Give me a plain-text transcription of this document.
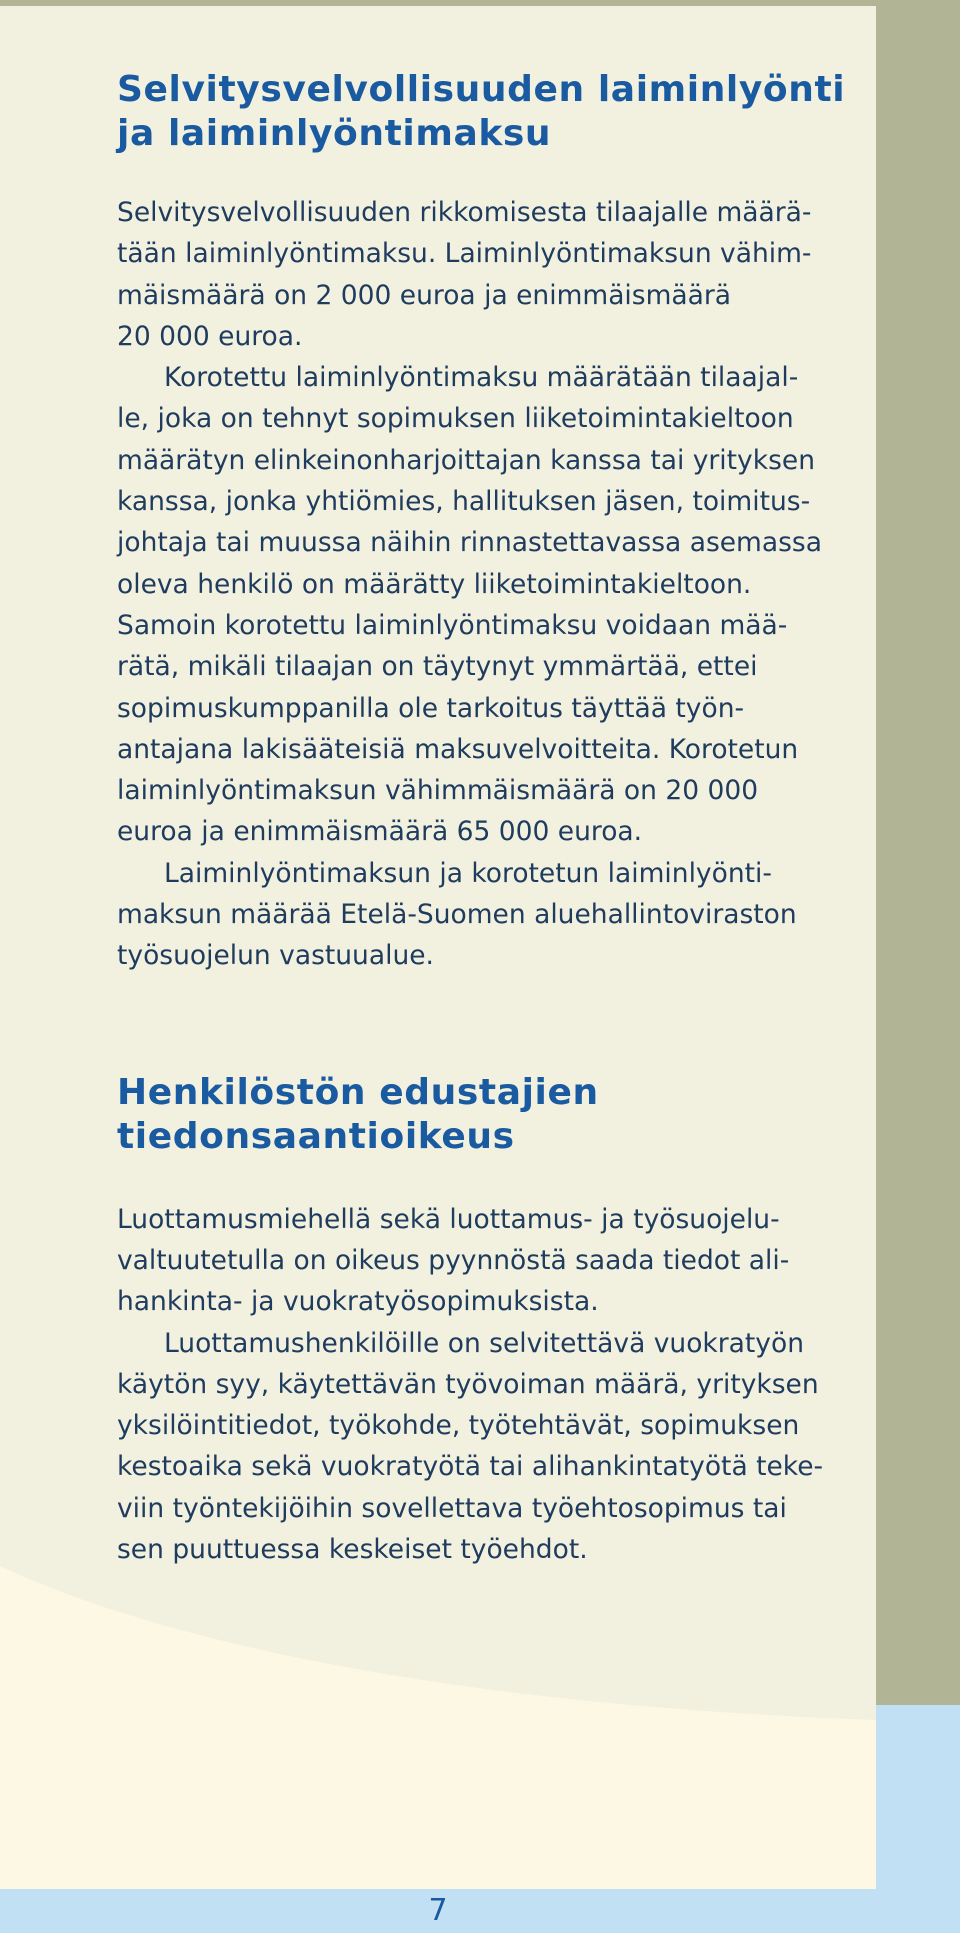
Selvitysvelvollisuuden laiminlyönti
ja laiminlyöntimaksu

Selvitysvelvollisuuden rikkomisesta tilaajalle määrä-

tään laiminlyöntimaksu. Laiminlyöntimaksun vähim-

mäismäärä on 2 000 euroa ja enimmäismäärä

20 000 euroa.

Korotettu laiminlyöntimaksu määrätään tilaajal-

le, joka on tehnyt sopimuksen liiketoimintakieltoon

määrätyn elinkeinonharjoittajan kanssa tai yrityksen

kanssa, jonka yhtiömies, hallituksen jäsen, toimitus-

johtaja tai muussa näihin rinnastettavassa asemassa

oleva henkilö on määrätty liiketoimintakieltoon.

Samoin korotettu laiminlyöntimaksu voidaan mää-

rätä, mikäli tilaajan on täytynyt ymmärtää, ettei

sopimuskumppanilla ole tarkoitus täyttää työn-

antajana lakisääteisiä maksuvelvoitteita. Korotetun

laiminlyöntimaksun vähimmäismäärä on 20 000

euroa ja enimmäismäärä 65 000 euroa.

Laiminlyöntimaksun ja korotetun laiminlyönti-

maksun määrää Etelä-Suomen aluehallintoviraston

työsuojelun vastuualue.

Henkilöstön edustajien
tiedonsaantioikeus

Luottamusmiehellä sekä luottamus- ja työsuojelu-

valtuutetulla on oikeus pyynnöstä saada tiedot ali-

hankinta- ja vuokratyösopimuksista.

Luottamushenkilöille on selvitettävä vuokratyön

käytön syy, käytettävän työvoiman määrä, yrityksen

yksilöintitiedot, työkohde, työtehtävät, sopimuksen

kestoaika sekä vuokratyötä tai alihankintatyötä teke-

viin työntekijöihin sovellettava työehtosopimus tai

sen puuttuessa keskeiset työehdot.

7
